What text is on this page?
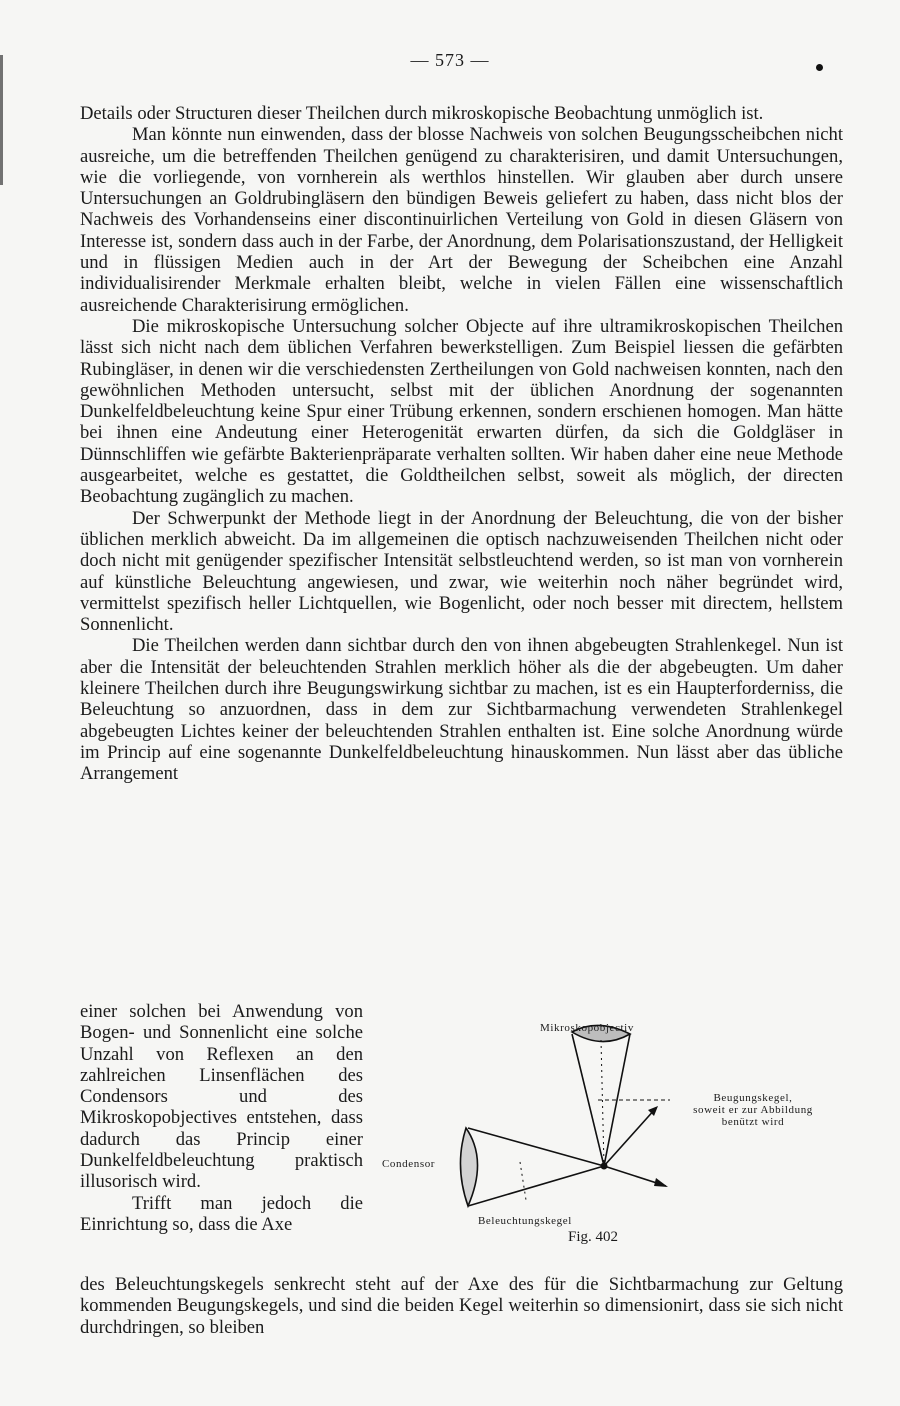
— 573 —

Details oder Structuren dieser Theilchen durch mikroskopische Beobachtung unmöglich ist.

Man könnte nun einwenden, dass der blosse Nachweis von solchen Beugungsscheibchen nicht ausreiche, um die betreffenden Theilchen genügend zu charakterisiren, und damit Untersuchungen, wie die vorliegende, von vornherein als werthlos hinstellen. Wir glauben aber durch unsere Untersuchungen an Goldrubingläsern den bündigen Beweis geliefert zu haben, dass nicht blos der Nachweis des Vorhandenseins einer discontinuirlichen Verteilung von Gold in diesen Gläsern von Interesse ist, sondern dass auch in der Farbe, der Anordnung, dem Polarisationszustand, der Helligkeit und in flüssigen Medien auch in der Art der Bewegung der Scheibchen eine Anzahl individualisirender Merkmale erhalten bleibt, welche in vielen Fällen eine wissenschaftlich ausreichende Charakterisirung ermöglichen.

Die mikroskopische Untersuchung solcher Objecte auf ihre ultramikroskopischen Theilchen lässt sich nicht nach dem üblichen Verfahren bewerkstelligen. Zum Beispiel liessen die gefärbten Rubingläser, in denen wir die verschiedensten Zertheilungen von Gold nachweisen konnten, nach den gewöhnlichen Methoden untersucht, selbst mit der üblichen Anordnung der sogenannten Dunkelfeldbeleuchtung keine Spur einer Trübung erkennen, sondern erschienen homogen. Man hätte bei ihnen eine Andeutung einer Heterogenität erwarten dürfen, da sich die Goldgläser in Dünnschliffen wie gefärbte Bakterienpräparate verhalten sollten. Wir haben daher eine neue Methode ausgearbeitet, welche es gestattet, die Goldtheilchen selbst, soweit als möglich, der directen Beobachtung zugänglich zu machen.

Der Schwerpunkt der Methode liegt in der Anordnung der Beleuchtung, die von der bisher üblichen merklich abweicht. Da im allgemeinen die optisch nachzuweisenden Theilchen nicht oder doch nicht mit genügender spezifischer Intensität selbstleuchtend werden, so ist man von vornherein auf künstliche Beleuchtung angewiesen, und zwar, wie weiterhin noch näher begründet wird, vermittelst spezifisch heller Lichtquellen, wie Bogenlicht, oder noch besser mit directem, hellstem Sonnenlicht.

Die Theilchen werden dann sichtbar durch den von ihnen abgebeugten Strahlenkegel. Nun ist aber die Intensität der beleuchtenden Strahlen merklich höher als die der abgebeugten. Um daher kleinere Theilchen durch ihre Beugungswirkung sichtbar zu machen, ist es ein Haupterforderniss, die Beleuchtung so anzuordnen, dass in dem zur Sichtbarmachung verwendeten Strahlenkegel abgebeugten Lichtes keiner der beleuchtenden Strahlen enthalten ist. Eine solche Anordnung würde im Princip auf eine sogenannte Dunkelfeldbeleuchtung hinauskommen. Nun lässt aber das übliche Arrangement

einer solchen bei Anwendung von Bogen- und Sonnenlicht eine solche Unzahl von Reflexen an den zahlreichen Linsenflächen des Condensors und des Mikroskopobjectives entstehen, dass dadurch das Princip einer Dunkelfeldbeleuchtung praktisch illusorisch wird.

Trifft man jedoch die Einrichtung so, dass die Axe

Mikroskopobjectiv
Beugungskegel,
soweit er zur Abbildung
benützt wird
Condensor
Beleuchtungskegel
Fig. 402

des Beleuchtungskegels senkrecht steht auf der Axe des für die Sichtbarmachung zur Geltung kommenden Beugungskegels, und sind die beiden Kegel weiterhin so dimensionirt, dass sie sich nicht durchdringen, so bleiben
